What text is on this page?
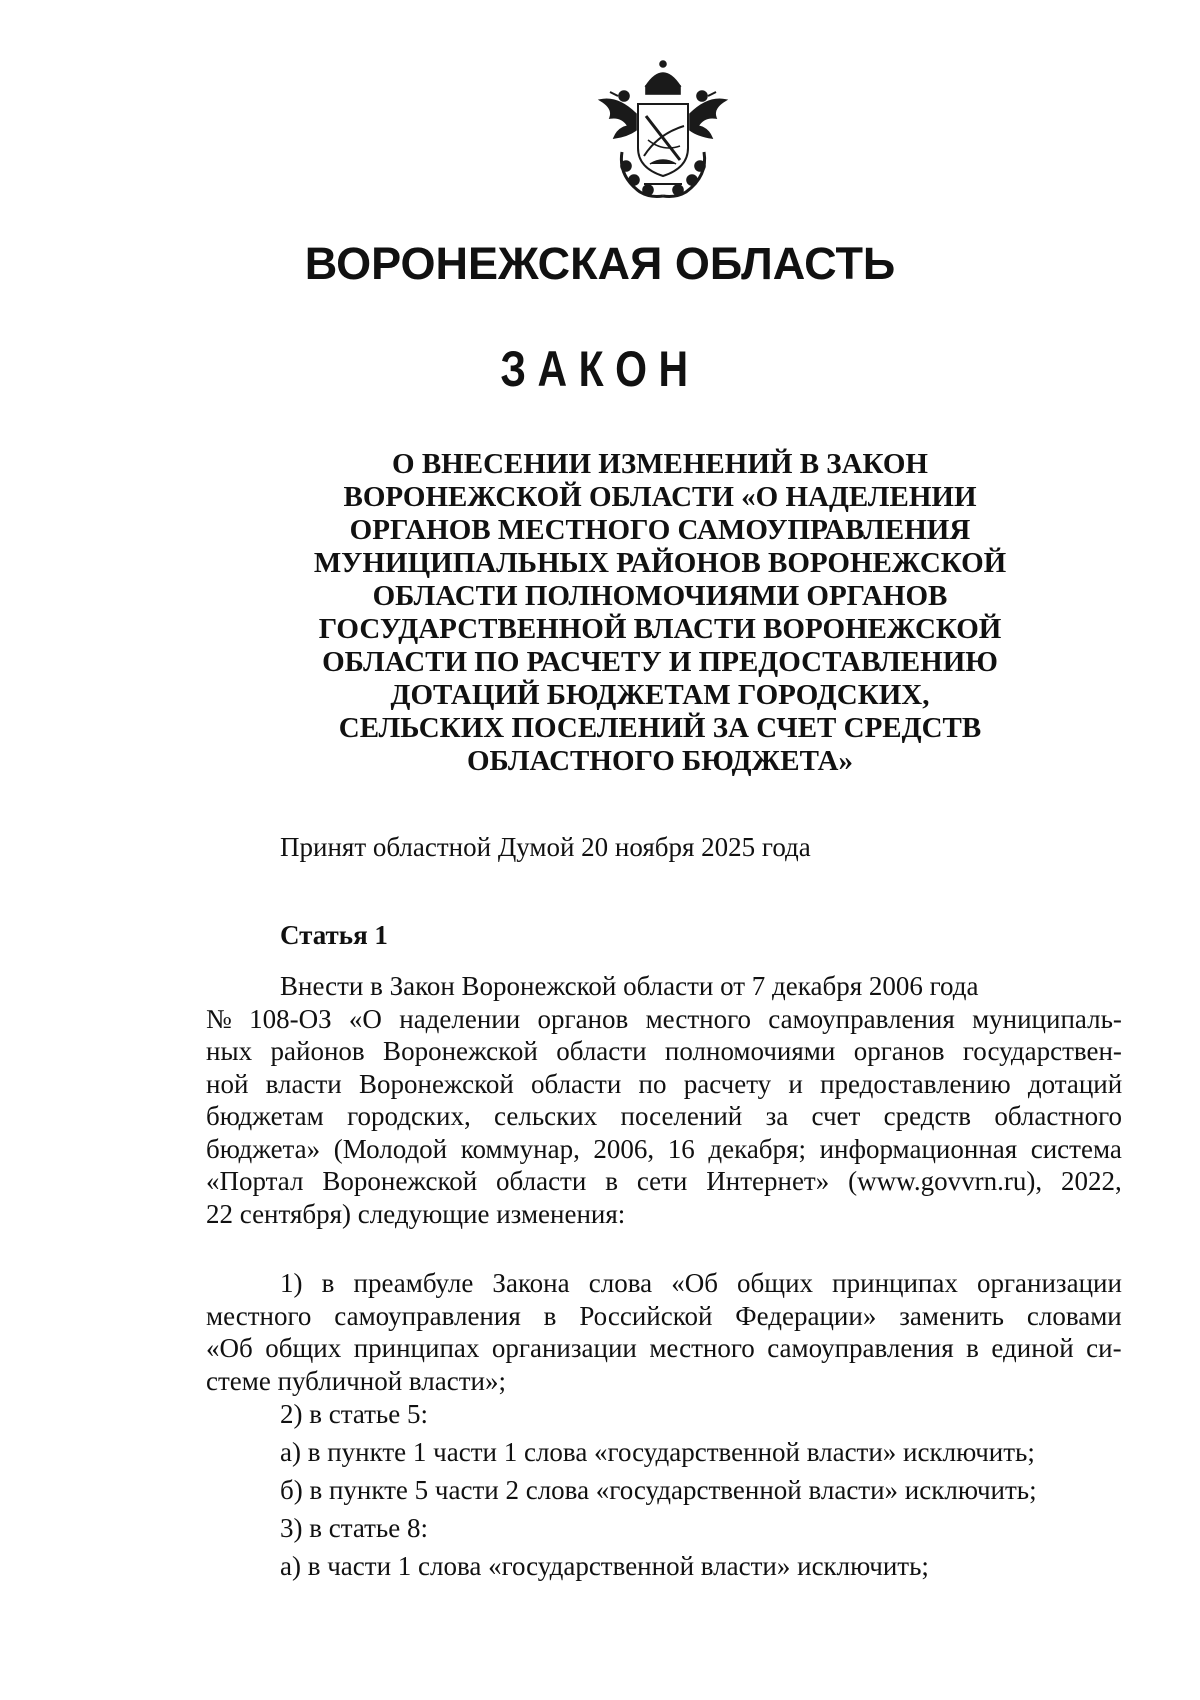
ВОРОНЕЖСКАЯ ОБЛАСТЬ
ЗАКОН
О ВНЕСЕНИИ ИЗМЕНЕНИЙ В ЗАКОН
ВОРОНЕЖСКОЙ ОБЛАСТИ «О НАДЕЛЕНИИ
ОРГАНОВ МЕСТНОГО САМОУПРАВЛЕНИЯ
МУНИЦИПАЛЬНЫХ РАЙОНОВ ВОРОНЕЖСКОЙ
ОБЛАСТИ ПОЛНОМОЧИЯМИ ОРГАНОВ
ГОСУДАРСТВЕННОЙ ВЛАСТИ ВОРОНЕЖСКОЙ
ОБЛАСТИ ПО РАСЧЕТУ И ПРЕДОСТАВЛЕНИЮ
ДОТАЦИЙ БЮДЖЕТАМ ГОРОДСКИХ,
СЕЛЬСКИХ ПОСЕЛЕНИЙ ЗА СЧЕТ СРЕДСТВ
ОБЛАСТНОГО БЮДЖЕТА»
Принят областной Думой 20 ноября 2025 года
Статья 1
Внести в Закон Воронежской области от 7 декабря 2006 года
№ 108-ОЗ «О наделении органов местного самоуправления муниципаль-
ных районов Воронежской области полномочиями органов государствен-
ной власти Воронежской области по расчету и предоставлению дотаций
бюджетам городских, сельских поселений за счет средств областного
бюджета» (Молодой коммунар, 2006, 16 декабря; информационная система
«Портал Воронежской области в сети Интернет» (www.govvrn.ru), 2022,
22 сентября) следующие изменения:
1) в преамбуле Закона слова «Об общих принципах организации
местного самоуправления в Российской Федерации» заменить словами
«Об общих принципах организации местного самоуправления в единой си-
стеме публичной власти»;
2) в статье 5:
а) в пункте 1 части 1 слова «государственной власти» исключить;
б) в пункте 5 части 2 слова «государственной власти» исключить;
3) в статье 8:
а) в части 1 слова «государственной власти» исключить;
